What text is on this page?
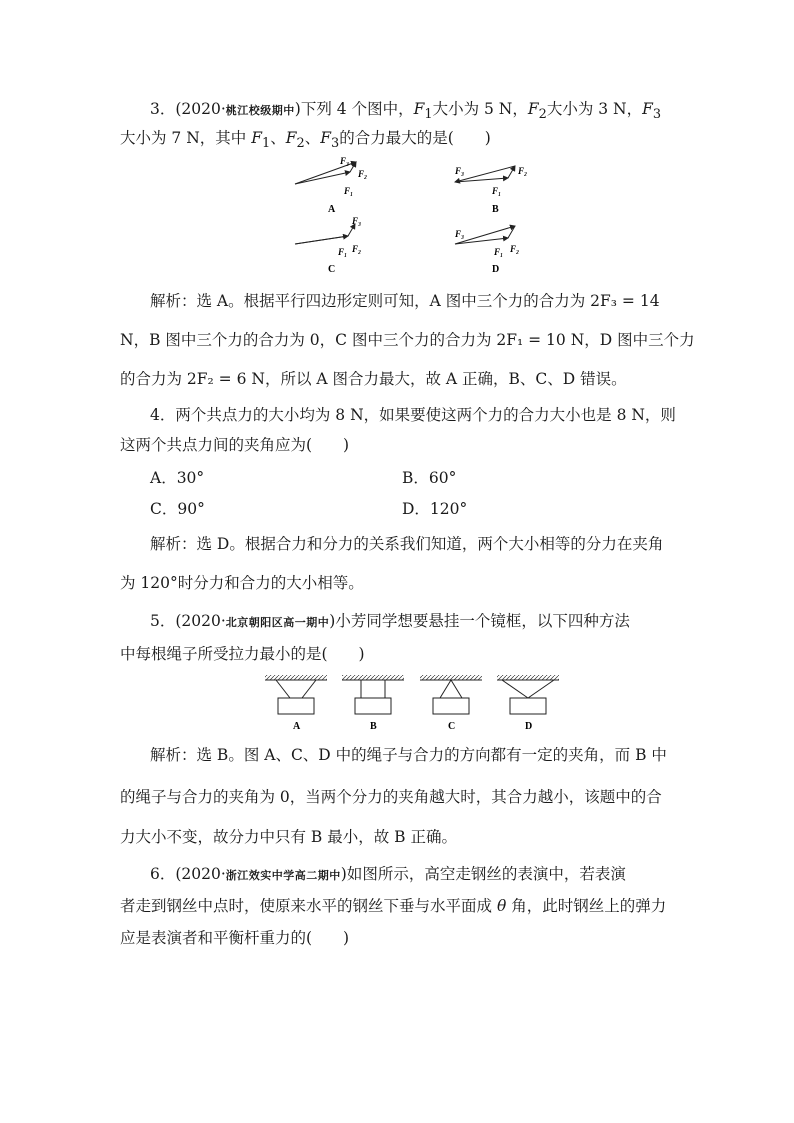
3．(2020·桃江校级期中)下列 4 个图中，$F_1$大小为 5 N，$F_2$大小为 3 N，$F_3$
大小为 7 N，其中 $F_1$、$F_2$、$F_3$的合力最大的是(　　)
F₃
F₂
F₁
A
F₃	F₂
F₁
B
F₃
F₁ F₂
C
F₃
F₁ F₂
D
解析：选 A。根据平行四边形定则可知，A 图中三个力的合力为 2F₃ = 14
N，B 图中三个力的合力为 0，C 图中三个力的合力为 2F₁ = 10 N，D 图中三个力
的合力为 2F₂ = 6 N，所以 A 图合力最大，故 A 正确，B、C、D 错误。
4．两个共点力的大小均为 8 N，如果要使这两个力的合力大小也是 8 N，则
这两个共点力间的夹角应为(　　)
A．30°	B．60°
C．90°	D．120°
解析：选 D。根据合力和分力的关系我们知道，两个大小相等的分力在夹角
为 120°时分力和合力的大小相等。
5．(2020·北京朝阳区高一期中)小芳同学想要悬挂一个镜框，以下四种方法
中每根绳子所受拉力最小的是(　　)
A	B	C	D
解析：选 B。图 A、C、D 中的绳子与合力的方向都有一定的夹角，而 B 中
的绳子与合力的夹角为 0，当两个分力的夹角越大时，其合力越小，该题中的合
力大小不变，故分力中只有 B 最小，故 B 正确。
6．(2020·浙江效实中学高二期中)如图所示，高空走钢丝的表演中，若表演
者走到钢丝中点时，使原来水平的钢丝下垂与水平面成 θ 角，此时钢丝上的弹力
应是表演者和平衡杆重力的(　　)
